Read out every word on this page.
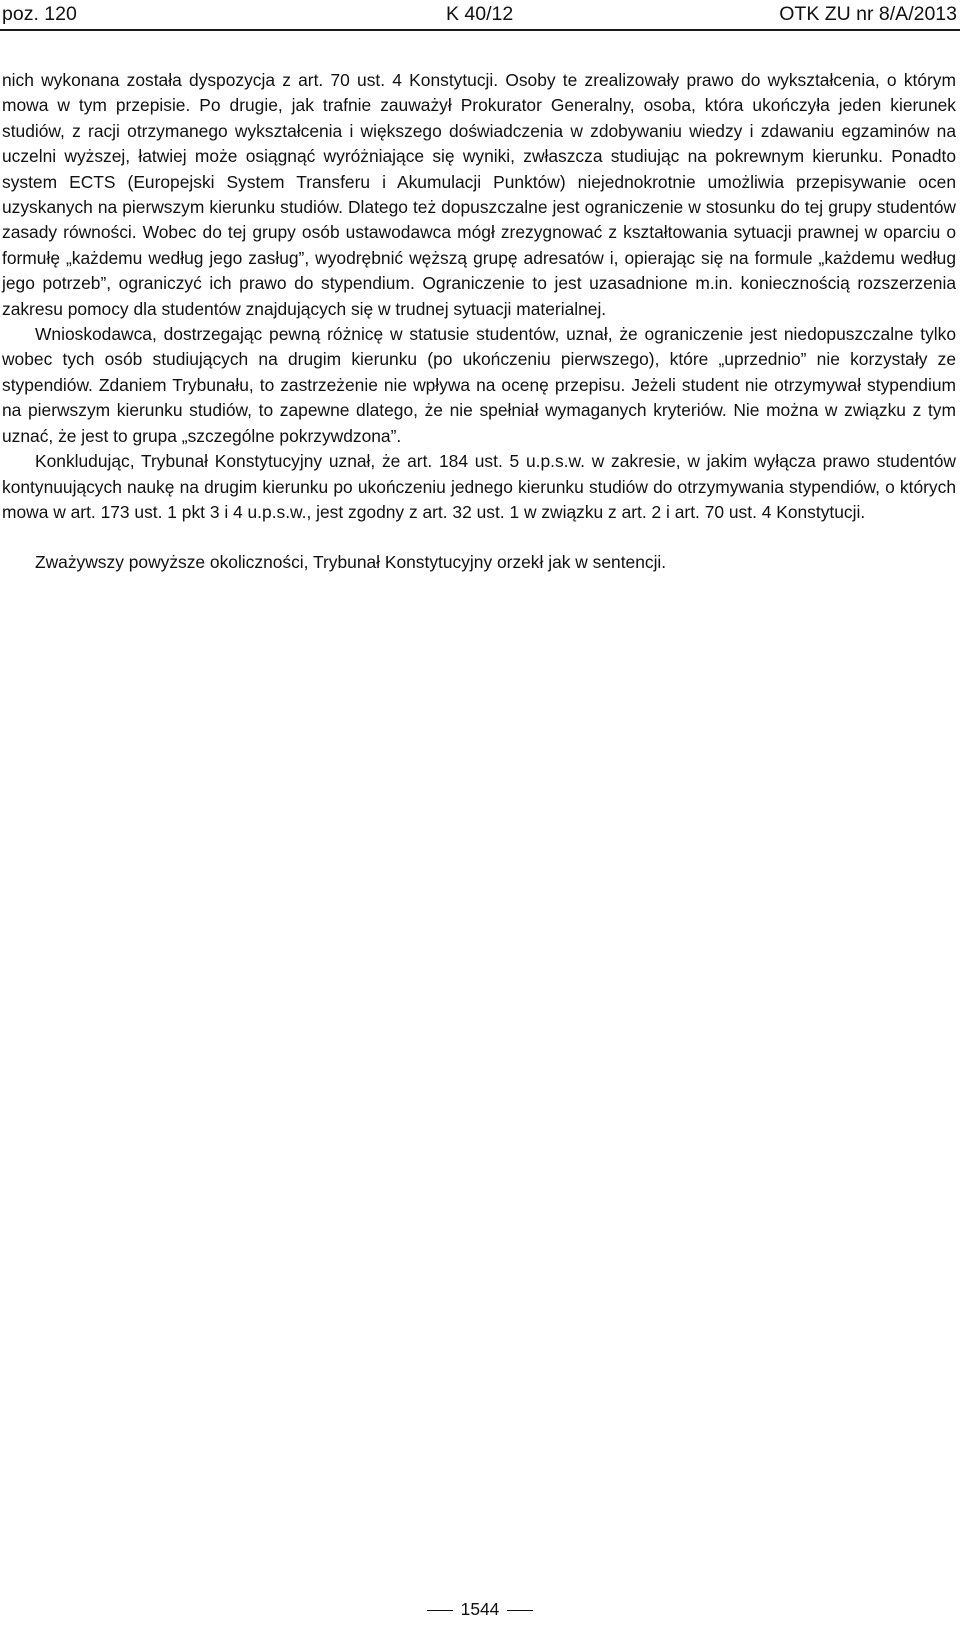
poz. 120	K 40/12	OTK ZU nr 8/A/2013

nich wykonana została dyspozycja z art. 70 ust. 4 Konstytucji. Osoby te zrealizowały prawo do wykształcenia, o którym mowa w tym przepisie. Po drugie, jak trafnie zauważył Prokurator Generalny, osoba, która ukończyła jeden kierunek studiów, z racji otrzymanego wykształcenia i większego doświadczenia w zdobywaniu wiedzy i zdawaniu egzaminów na uczelni wyższej, łatwiej może osiągnąć wyróżniające się wyniki, zwłaszcza studiując na pokrewnym kierunku. Ponadto system ECTS (Europejski System Transferu i Akumulacji Punktów) niejednokrotnie umożliwia przepisywanie ocen uzyskanych na pierwszym kierunku studiów. Dlatego też dopuszczalne jest ograniczenie w stosunku do tej grupy studentów zasady równości. Wobec do tej grupy osób ustawodawca mógł zrezygnować z kształtowania sytuacji prawnej w oparciu o formułę „każdemu według jego zasług”, wyodrębnić węższą grupę adresatów i, opierając się na formule „każdemu według jego potrzeb”, ograniczyć ich prawo do stypendium. Ograniczenie to jest uzasadnione m.in. koniecznością rozszerzenia zakresu pomocy dla studentów znajdujących się w trudnej sytuacji materialnej.

Wnioskodawca, dostrzegając pewną różnicę w statusie studentów, uznał, że ograniczenie jest niedopuszczalne tylko wobec tych osób studiujących na drugim kierunku (po ukończeniu pierwszego), które „uprzednio” nie korzystały ze stypendiów. Zdaniem Trybunału, to zastrzeżenie nie wpływa na ocenę przepisu. Jeżeli student nie otrzymywał stypendium na pierwszym kierunku studiów, to zapewne dlatego, że nie spełniał wymaganych kryteriów. Nie można w związku z tym uznać, że jest to grupa „szczególne pokrzywdzona”.

Konkludując, Trybunał Konstytucyjny uznał, że art. 184 ust. 5 u.p.s.w. w zakresie, w jakim wyłącza prawo studentów kontynuujących naukę na drugim kierunku po ukończeniu jednego kierunku studiów do otrzymywania stypendiów, o których mowa w art. 173 ust. 1 pkt 3 i 4 u.p.s.w., jest zgodny z art. 32 ust. 1 w związku z art. 2 i art. 70 ust. 4 Konstytucji.

Zważywszy powyższe okoliczności, Trybunał Konstytucyjny orzekł jak w sentencji.

1544
